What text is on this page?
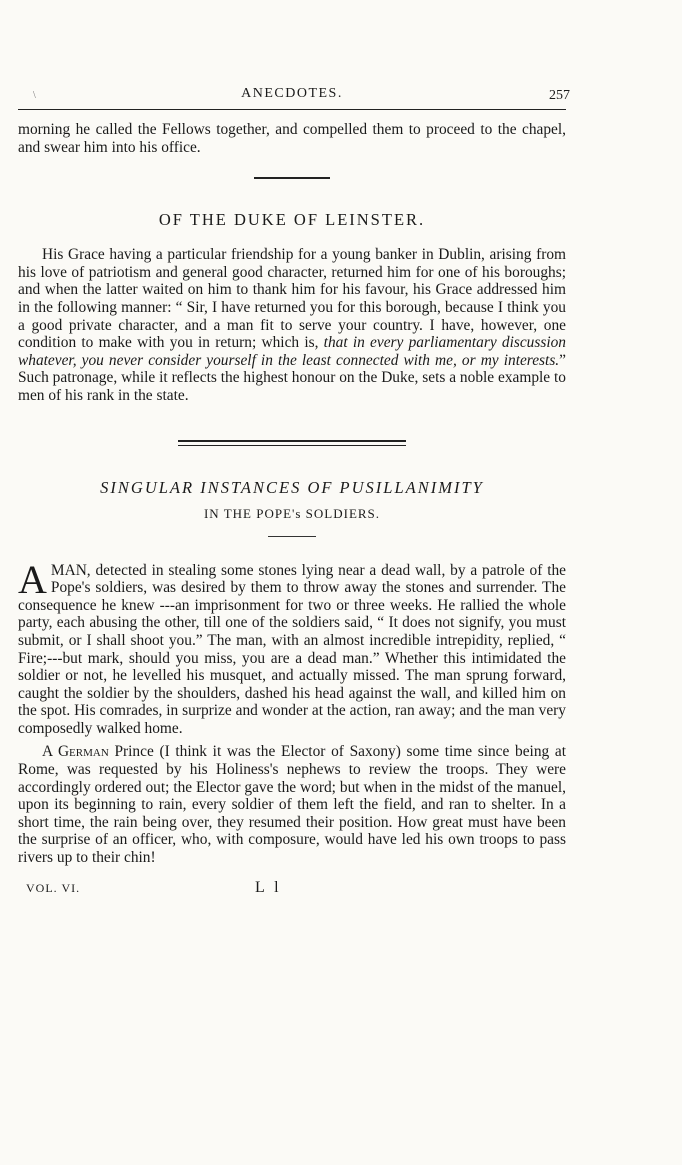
\	ANECDOTES.	257

morning he called the Fellows together, and compelled them to proceed to the chapel, and swear him into his office.

OF THE DUKE OF LEINSTER.

His Grace having a particular friendship for a young banker in Dublin, arising from his love of patriotism and general good character, returned him for one of his boroughs; and when the latter waited on him to thank him for his favour, his Grace addressed him in the following manner: “ Sir, I have returned you for this borough, because I think you a good private character, and a man fit to serve your country. I have, however, one condition to make with you in return; which is, that in every parliamentary discussion whatever, you never consider yourself in the least connected with me, or my interests.” Such patronage, while it reflects the highest honour on the Duke, sets a noble example to men of his rank in the state.

SINGULAR INSTANCES OF PUSILLANIMITY
IN THE POPE's SOLDIERS.

AMAN, detected in stealing some stones lying near a dead wall, by a patrole of the Pope's soldiers, was desired by them to throw away the stones and surrender. The consequence he knew ---an imprisonment for two or three weeks. He rallied the whole party, each abusing the other, till one of the soldiers said, “ It does not signify, you must submit, or I shall shoot you.” The man, with an almost incredible intrepidity, replied, “ Fire;---but mark, should you miss, you are a dead man.” Whether this intimidated the soldier or not, he levelled his musquet, and actually missed. The man sprung forward, caught the soldier by the shoulders, dashed his head against the wall, and killed him on the spot. His comrades, in surprize and wonder at the action, ran away; and the man very composedly walked home.

A German Prince (I think it was the Elector of Saxony) some time since being at Rome, was requested by his Holiness's nephews to review the troops. They were accordingly ordered out; the Elector gave the word; but when in the midst of the manuel, upon its beginning to rain, every soldier of them left the field, and ran to shelter. In a short time, the rain being over, they resumed their position. How great must have been the surprise of an officer, who, with composure, would have led his own troops to pass rivers up to their chin!

VOL. VI.	L l
